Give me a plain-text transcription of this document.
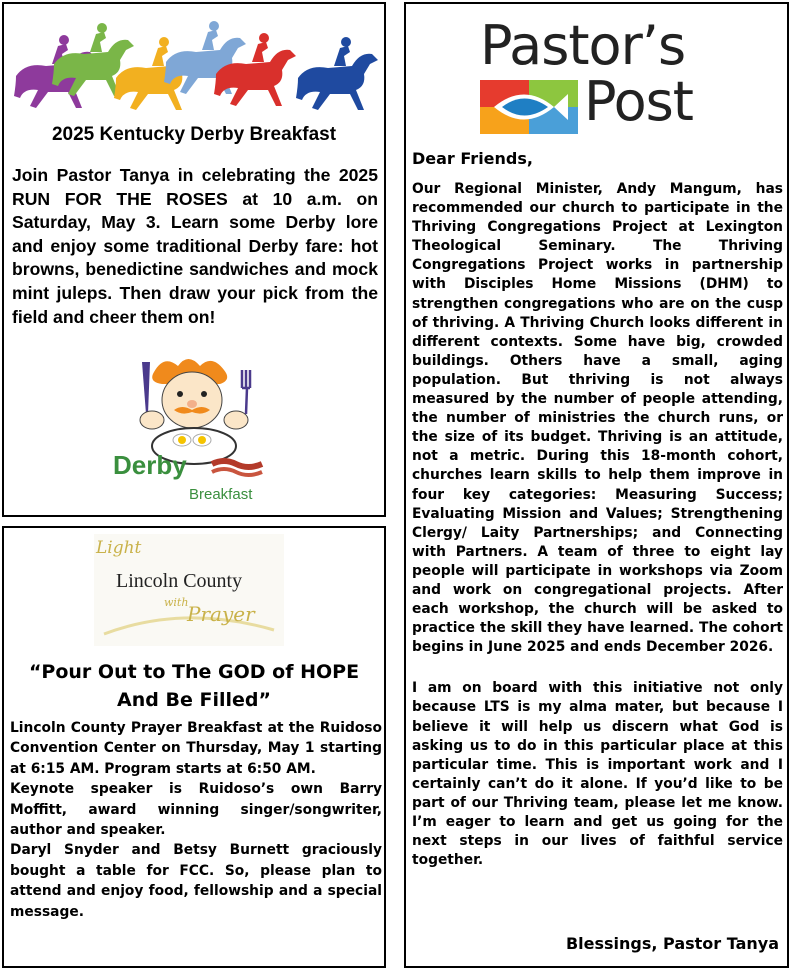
2025 Kentucky Derby Breakfast
Join Pastor Tanya in celebrating the 2025 RUN FOR THE ROSES at 10 a.m. on Saturday, May 3. Learn some Derby lore and enjoy some traditional Derby fare: hot browns, benedictine sandwiches and mock mint juleps. Then draw your pick from the field and cheer them on!
Derby
Breakfast
Light
Lincoln County
with
Prayer
“Pour Out to The GOD of HOPE
And Be Filled”

Lincoln County Prayer Breakfast at the Ruidoso Convention Center on Thursday, May 1 starting at 6:15 AM. Program starts at 6:50 AM.

Keynote speaker is Ruidoso’s own Barry Moffitt, award winning singer/songwriter, author and speaker.

Daryl Snyder and Betsy Burnett graciously bought a table for FCC. So, please plan to attend and enjoy food, fellowship and a special message.

Pastor’s
Post
Dear Friends,

Our Regional Minister, Andy Mangum, has recommended our church to participate in the Thriving Congregations Project at Lexington Theological Seminary. The Thriving Congregations Project works in partnership with Disciples Home Missions (DHM) to strengthen congregations who are on the cusp of thriving. A Thriving Church looks different in different contexts. Some have big, crowded buildings. Others have a small, aging population. But thriving is not always measured by the number of people attending, the number of ministries the church runs, or the size of its budget. Thriving is an attitude, not a metric. During this 18-month cohort, churches learn skills to help them improve in four key categories: Measuring Success; Evaluating Mission and Values; Strengthening Clergy/ Laity Partnerships; and Connecting with Partners. A team of three to eight lay people will participate in workshops via Zoom and work on congregational projects. After each workshop, the church will be asked to practice the skill they have learned. The cohort begins in June 2025 and ends December 2026.

I am on board with this initiative not only because LTS is my alma mater, but because I believe it will help us discern what God is asking us to do in this particular place at this particular time. This is important work and I certainly can’t do it alone. If you’d like to be part of our Thriving team, please let me know. I’m eager to learn and get us going for the next steps in our lives of faithful service together.

Blessings, Pastor Tanya
